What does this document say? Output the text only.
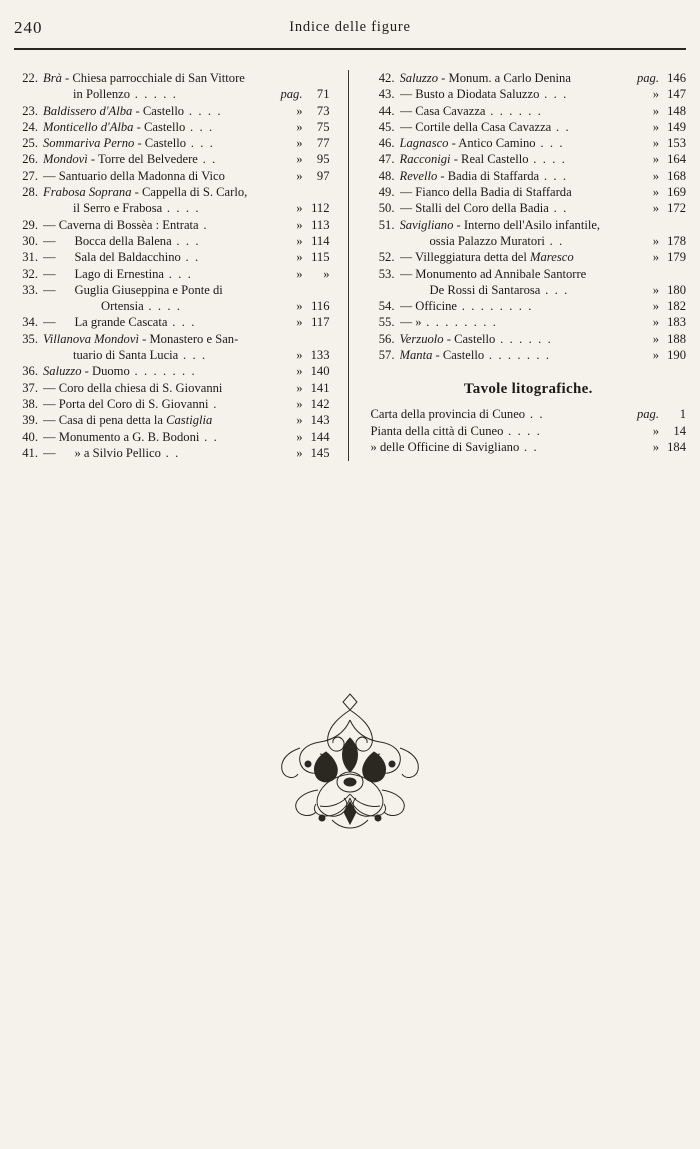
240	Indice delle figure
22. Brà - Chiesa parrocchiale di San Vittore
in Pollenzo . . . . .	pag.	71
23. Baldissero d'Alba - Castello . . . .	»	73
24. Monticello d'Alba - Castello . . .	»	75
25. Sommariva Perno - Castello . . .	»	77
26. Mondovì - Torre del Belvedere . .	»	95
27. — Santuario della Madonna di Vico	»	97
28. Frabosa Soprana - Cappella di S. Carlo,
il Serro e Frabosa . . . .	» 112
29. — Caverna di Bossèa : Entrata .	» 113
30. —      Bocca della Balena . . .	» 114
31. —      Sala del Baldacchino . .	» 115
32. —      Lago di Ernestina . . .	»	»
33. —      Guglia Giuseppina e Ponte di
Ortensia . . . .	» 116
34. —      La grande Cascata . . .	» 117
35. Villanova Mondovì - Monastero e San-
tuario di Santa Lucia . . .	» 133
36. Saluzzo - Duomo . . . . . . .	» 140
37. — Coro della chiesa di S. Giovanni	» 141
38. — Porta del Coro di S. Giovanni .	» 142
39. — Casa di pena detta la Castiglia	» 143
40. — Monumento a G. B. Bodoni . .	» 144
41. —      » a Silvio Pellico . .	» 145
42. Saluzzo - Monum. a Carlo Denina	pag. 146
43. — Busto a Diodata Saluzzo . . .	» 147
44. — Casa Cavazza . . . . . .	» 148
45. — Cortile della Casa Cavazza . .	» 149
46. Lagnasco - Antico Camino . . .	» 153
47. Racconigi - Real Castello . . . .	» 164
48. Revello - Badia di Staffarda . . .	» 168
49. — Fianco della Badia di Staffarda	» 169
50. — Stalli del Coro della Badia . .	» 172
51. Savigliano - Interno dell'Asilo infantile,
ossia Palazzo Muratori . .	» 178
52. — Villeggiatura detta del Maresco	» 179
53. — Monumento ad Annibale Santorre
De Rossi di Santarosa . . .	» 180
54. — Officine . . . . . . . .	» 182
55. — » . . . . . . . .	» 183
56. Verzuolo - Castello . . . . . .	» 188
57. Manta - Castello . . . . . . .	» 190
Tavole litografiche.
Carta della provincia di Cuneo . .	pag.	1
Pianta della città di Cuneo . . . .	»	14
» delle Officine di Savigliano . .	» 184
